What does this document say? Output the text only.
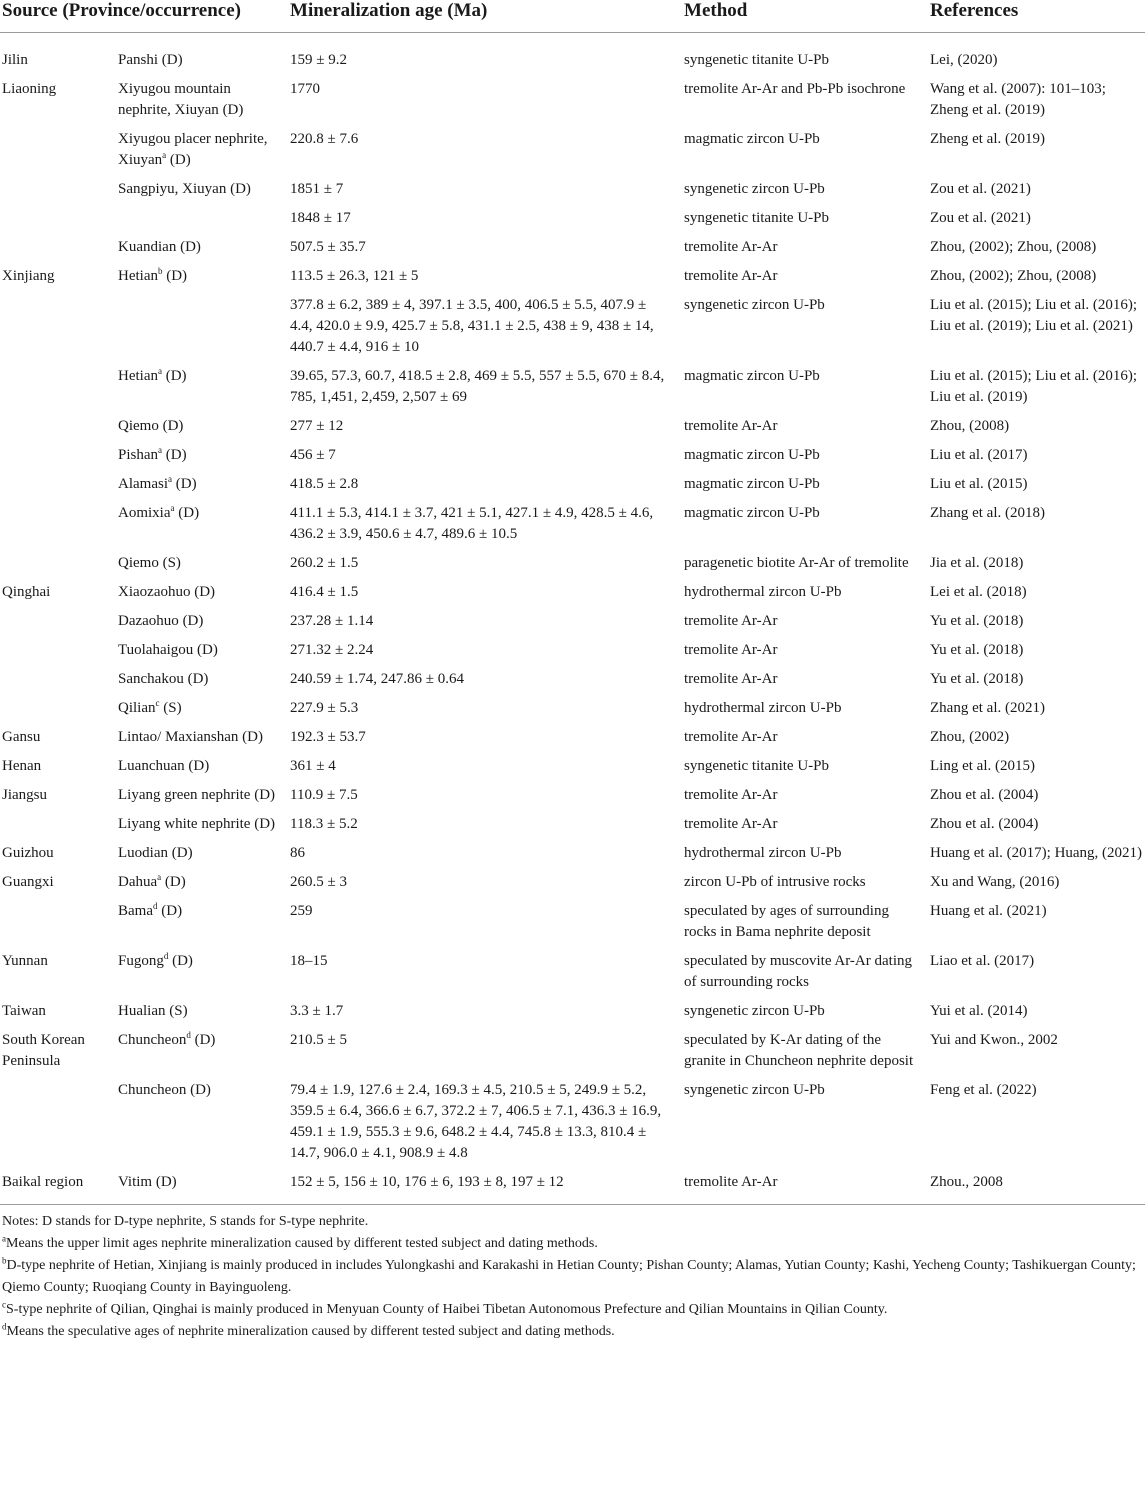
Source (Province/occurrence)		Mineralization age (Ma)	Method	References
Jilin	Panshi (D)	159 ± 9.2	syngenetic titanite U-Pb	Lei, (2020)
Liaoning	Xiyugou mountain nephrite, Xiuyan (D)	1770	tremolite Ar-Ar and Pb-Pb isochrone	Wang et al. (2007): 101–103; Zheng et al. (2019)
	Xiyugou placer nephrite, Xiuyan$^a$ (D)	220.8 ± 7.6	magmatic zircon U-Pb	Zheng et al. (2019)
	Sangpiyu, Xiuyan (D)	1851 ± 7	syngenetic zircon U-Pb	Zou et al. (2021)
		1848 ± 17	syngenetic titanite U-Pb	Zou et al. (2021)
	Kuandian (D)	507.5 ± 35.7	tremolite Ar-Ar	Zhou, (2002); Zhou, (2008)
Xinjiang	Hetian$^b$ (D)	113.5 ± 26.3, 121 ± 5	tremolite Ar-Ar	Zhou, (2002); Zhou, (2008)
		377.8 ± 6.2, 389 ± 4, 397.1 ± 3.5, 400, 406.5 ± 5.5, 407.9 ± 4.4, 420.0 ± 9.9, 425.7 ± 5.8, 431.1 ± 2.5, 438 ± 9, 438 ± 14, 440.7 ± 4.4, 916 ± 10	syngenetic zircon U-Pb	Liu et al. (2015); Liu et al. (2016); Liu et al. (2019); Liu et al. (2021)
	Hetian$^a$ (D)	39.65, 57.3, 60.7, 418.5 ± 2.8, 469 ± 5.5, 557 ± 5.5, 670 ± 8.4, 785, 1,451, 2,459, 2,507 ± 69	magmatic zircon U-Pb	Liu et al. (2015); Liu et al. (2016); Liu et al. (2019)
	Qiemo (D)	277 ± 12	tremolite Ar-Ar	Zhou, (2008)
	Pishan$^a$ (D)	456 ± 7	magmatic zircon U-Pb	Liu et al. (2017)
	Alamasi$^a$ (D)	418.5 ± 2.8	magmatic zircon U-Pb	Liu et al. (2015)
	Aomixia$^a$ (D)	411.1 ± 5.3, 414.1 ± 3.7, 421 ± 5.1, 427.1 ± 4.9, 428.5 ± 4.6, 436.2 ± 3.9, 450.6 ± 4.7, 489.6 ± 10.5	magmatic zircon U-Pb	Zhang et al. (2018)
	Qiemo (S)	260.2 ± 1.5	paragenetic biotite Ar-Ar of tremolite	Jia et al. (2018)
Qinghai	Xiaozaohuo (D)	416.4 ± 1.5	hydrothermal zircon U-Pb	Lei et al. (2018)
	Dazaohuo (D)	237.28 ± 1.14	tremolite Ar-Ar	Yu et al. (2018)
	Tuolahaigou (D)	271.32 ± 2.24	tremolite Ar-Ar	Yu et al. (2018)
	Sanchakou (D)	240.59 ± 1.74, 247.86 ± 0.64	tremolite Ar-Ar	Yu et al. (2018)
	Qilian$^c$ (S)	227.9 ± 5.3	hydrothermal zircon U-Pb	Zhang et al. (2021)
Gansu	Lintao/ Maxianshan (D)	192.3 ± 53.7	tremolite Ar-Ar	Zhou, (2002)
Henan	Luanchuan (D)	361 ± 4	syngenetic titanite U-Pb	Ling et al. (2015)
Jiangsu	Liyang green nephrite (D)	110.9 ± 7.5	tremolite Ar-Ar	Zhou et al. (2004)
	Liyang white nephrite (D)	118.3 ± 5.2	tremolite Ar-Ar	Zhou et al. (2004)
Guizhou	Luodian (D)	86	hydrothermal zircon U-Pb	Huang et al. (2017); Huang, (2021)
Guangxi	Dahua$^a$ (D)	260.5 ± 3	zircon U-Pb of intrusive rocks	Xu and Wang, (2016)
	Bama$^d$ (D)	259	speculated by ages of surrounding rocks in Bama nephrite deposit	Huang et al. (2021)
Yunnan	Fugong$^d$ (D)	18–15	speculated by muscovite Ar-Ar dating of surrounding rocks	Liao et al. (2017)
Taiwan	Hualian (S)	3.3 ± 1.7	syngenetic zircon U-Pb	Yui et al. (2014)
South Korean Peninsula	Chuncheon$^d$ (D)	210.5 ± 5	speculated by K-Ar dating of the granite in Chuncheon nephrite deposit	Yui and Kwon., 2002
	Chuncheon (D)	79.4 ± 1.9, 127.6 ± 2.4, 169.3 ± 4.5, 210.5 ± 5, 249.9 ± 5.2, 359.5 ± 6.4, 366.6 ± 6.7, 372.2 ± 7, 406.5 ± 7.1, 436.3 ± 16.9, 459.1 ± 1.9, 555.3 ± 9.6, 648.2 ± 4.4, 745.8 ± 13.3, 810.4 ± 14.7, 906.0 ± 4.1, 908.9 ± 4.8	syngenetic zircon U-Pb	Feng et al. (2022)
Baikal region	Vitim (D)	152 ± 5, 156 ± 10, 176 ± 6, 193 ± 8, 197 ± 12	tremolite Ar-Ar	Zhou., 2008

Notes: D stands for D-type nephrite, S stands for S-type nephrite.

$^a$Means the upper limit ages nephrite mineralization caused by different tested subject and dating methods.

$^b$D-type nephrite of Hetian, Xinjiang is mainly produced in includes Yulongkashi and Karakashi in Hetian County; Pishan County; Alamas, Yutian County; Kashi, Yecheng County; Tashikuergan County; Qiemo County; Ruoqiang County in Bayinguoleng.

$^c$S-type nephrite of Qilian, Qinghai is mainly produced in Menyuan County of Haibei Tibetan Autonomous Prefecture and Qilian Mountains in Qilian County.

$^d$Means the speculative ages of nephrite mineralization caused by different tested subject and dating methods.
